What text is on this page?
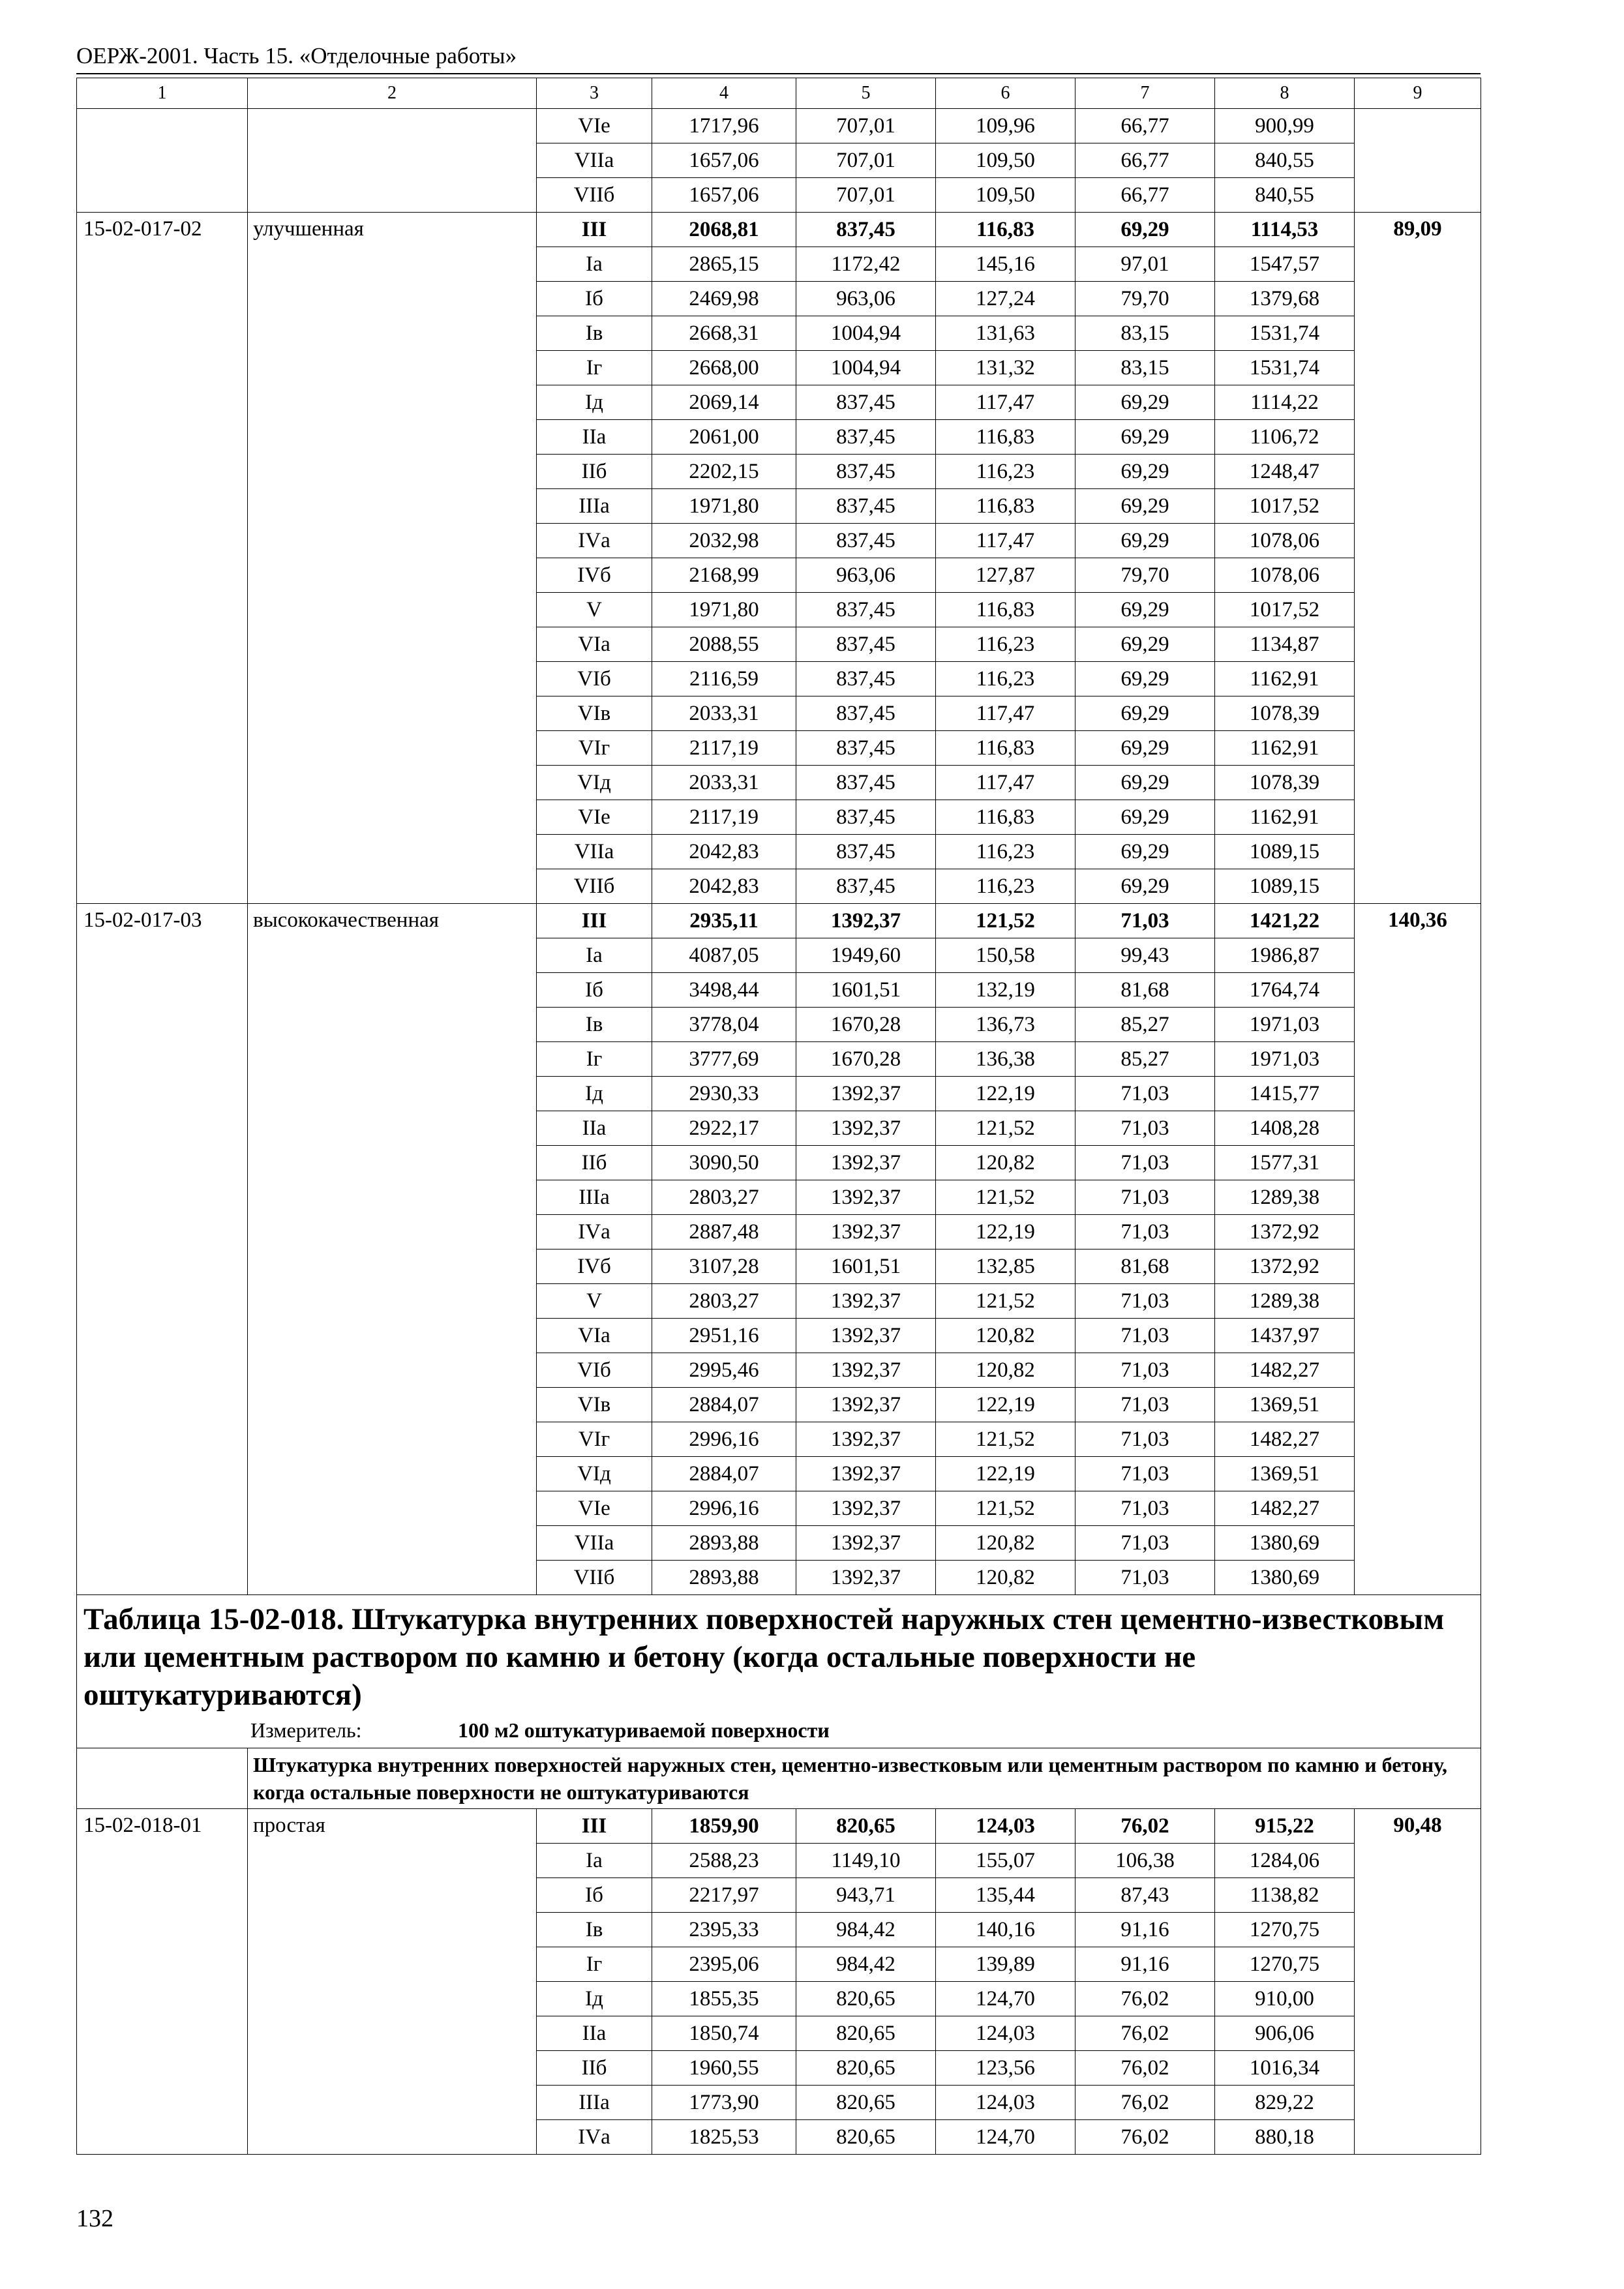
ОЕРЖ-2001. Часть 15. «Отделочные работы»
1	2	3	4	5	6	7	8	9
		VIе	1717,96	707,01	109,96	66,77	900,99	
		VIIа	1657,06	707,01	109,50	66,77	840,55	
		VIIб	1657,06	707,01	109,50	66,77	840,55	
15-02-017-02	улучшенная	III	2068,81	837,45	116,83	69,29	1114,53	89,09
		Iа	2865,15	1172,42	145,16	97,01	1547,57	
		Iб	2469,98	963,06	127,24	79,70	1379,68	
		Iв	2668,31	1004,94	131,63	83,15	1531,74	
		Iг	2668,00	1004,94	131,32	83,15	1531,74	
		Iд	2069,14	837,45	117,47	69,29	1114,22	
		IIа	2061,00	837,45	116,83	69,29	1106,72	
		IIб	2202,15	837,45	116,23	69,29	1248,47	
		IIIа	1971,80	837,45	116,83	69,29	1017,52	
		IVа	2032,98	837,45	117,47	69,29	1078,06	
		IVб	2168,99	963,06	127,87	79,70	1078,06	
		V	1971,80	837,45	116,83	69,29	1017,52	
		VIа	2088,55	837,45	116,23	69,29	1134,87	
		VIб	2116,59	837,45	116,23	69,29	1162,91	
		VIв	2033,31	837,45	117,47	69,29	1078,39	
		VIг	2117,19	837,45	116,83	69,29	1162,91	
		VIд	2033,31	837,45	117,47	69,29	1078,39	
		VIе	2117,19	837,45	116,83	69,29	1162,91	
		VIIа	2042,83	837,45	116,23	69,29	1089,15	
		VIIб	2042,83	837,45	116,23	69,29	1089,15	
15-02-017-03	высококачественная	III	2935,11	1392,37	121,52	71,03	1421,22	140,36
		Iа	4087,05	1949,60	150,58	99,43	1986,87	
		Iб	3498,44	1601,51	132,19	81,68	1764,74	
		Iв	3778,04	1670,28	136,73	85,27	1971,03	
		Iг	3777,69	1670,28	136,38	85,27	1971,03	
		Iд	2930,33	1392,37	122,19	71,03	1415,77	
		IIа	2922,17	1392,37	121,52	71,03	1408,28	
		IIб	3090,50	1392,37	120,82	71,03	1577,31	
		IIIа	2803,27	1392,37	121,52	71,03	1289,38	
		IVа	2887,48	1392,37	122,19	71,03	1372,92	
		IVб	3107,28	1601,51	132,85	81,68	1372,92	
		V	2803,27	1392,37	121,52	71,03	1289,38	
		VIа	2951,16	1392,37	120,82	71,03	1437,97	
		VIб	2995,46	1392,37	120,82	71,03	1482,27	
		VIв	2884,07	1392,37	122,19	71,03	1369,51	
		VIг	2996,16	1392,37	121,52	71,03	1482,27	
		VIд	2884,07	1392,37	122,19	71,03	1369,51	
		VIе	2996,16	1392,37	121,52	71,03	1482,27	
		VIIа	2893,88	1392,37	120,82	71,03	1380,69	
		VIIб	2893,88	1392,37	120,82	71,03	1380,69	

Таблица 15-02-018. Штукатурка внутренних поверхностей наружных стен цементно-известковым или цементным раствором по камню и бетону (когда остальные поверхности не оштукатуриваются)
Измеритель: 100 м2 оштукатуриваемой поверхности								

	Штукатурка внутренних поверхностей наружных стен, цементно-известковым или цементным раствором по камню и бетону, когда остальные поверхности не оштукатуриваются							
15-02-018-01	простая	III	1859,90	820,65	124,03	76,02	915,22	90,48
		Iа	2588,23	1149,10	155,07	106,38	1284,06	
		Iб	2217,97	943,71	135,44	87,43	1138,82	
		Iв	2395,33	984,42	140,16	91,16	1270,75	
		Iг	2395,06	984,42	139,89	91,16	1270,75	
		Iд	1855,35	820,65	124,70	76,02	910,00	
		IIа	1850,74	820,65	124,03	76,02	906,06	
		IIб	1960,55	820,65	123,56	76,02	1016,34	
		IIIа	1773,90	820,65	124,03	76,02	829,22	
		IVа	1825,53	820,65	124,70	76,02	880,18	
132
